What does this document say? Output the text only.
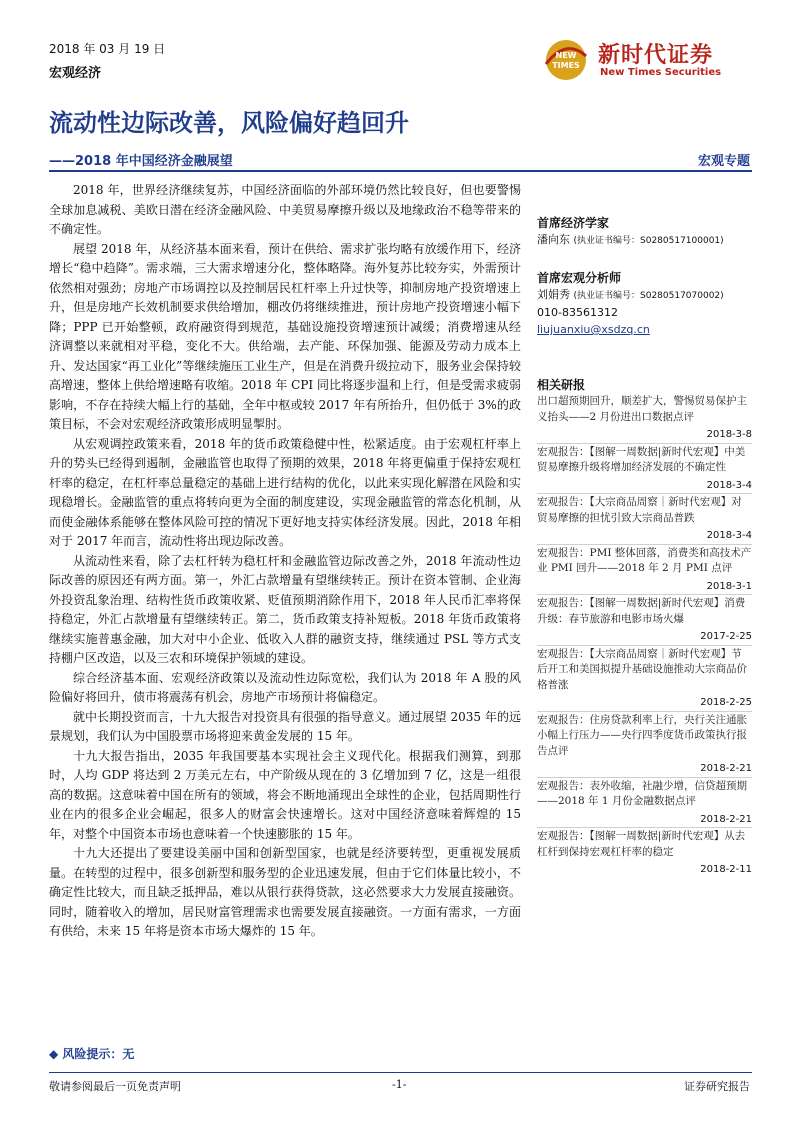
2018 年 03 月 19 日
宏观经济
NEW
TIMES 新时代证券
New Times Securities
流动性边际改善，风险偏好趋回升
——2018 年中国经济金融展望	宏观专题

2018 年，世界经济继续复苏，中国经济面临的外部环境仍然比较良好，但也要警惕全球加息减税、美欧日潜在经济金融风险、中美贸易摩擦升级以及地缘政治不稳等带来的不确定性。

展望 2018 年，从经济基本面来看，预计在供给、需求扩张均略有放缓作用下，经济增长“稳中趋降”。需求端，三大需求增速分化，整体略降。海外复苏比较夯实，外需预计依然相对强劲；房地产市场调控以及控制居民杠杆率上升过快等，抑制房地产投资增速上升，但是房地产长效机制要求供给增加，棚改仍将继续推进，预计房地产投资增速小幅下降；PPP 已开始整顿，政府融资得到规范，基础设施投资增速预计减缓；消费增速从经济调整以来就相对平稳，变化不大。供给端，去产能、环保加强、能源及劳动力成本上升、发达国家“再工业化”等继续施压工业生产，但是在消费升级拉动下，服务业会保持较高增速，整体上供给增速略有收缩。2018 年 CPI 同比将逐步温和上行，但是受需求疲弱影响，不存在持续大幅上行的基础，全年中枢或较 2017 年有所抬升，但仍低于 3%的政策目标，不会对宏观经济政策形成明显掣肘。

从宏观调控政策来看，2018 年的货币政策稳健中性，松紧适度。由于宏观杠杆率上升的势头已经得到遏制，金融监管也取得了预期的效果，2018 年将更偏重于保持宏观杠杆率的稳定，在杠杆率总量稳定的基础上进行结构的优化，以此来实现化解潜在风险和实现稳增长。金融监管的重点将转向更为全面的制度建设，实现金融监管的常态化机制，从而使金融体系能够在整体风险可控的情况下更好地支持实体经济发展。因此，2018 年相对于 2017 年而言，流动性将出现边际改善。

从流动性来看，除了去杠杆转为稳杠杆和金融监管边际改善之外，2018 年流动性边际改善的原因还有两方面。第一，外汇占款增量有望继续转正。预计在资本管制、企业海外投资乱象治理、结构性货币政策收紧、贬值预期消除作用下，2018 年人民币汇率将保持稳定，外汇占款增量有望继续转正。第二，货币政策支持补短板。2018 年货币政策将继续实施普惠金融，加大对中小企业、低收入人群的融资支持，继续通过 PSL 等方式支持棚户区改造，以及三农和环境保护领域的建设。

综合经济基本面、宏观经济政策以及流动性边际宽松，我们认为 2018 年 A 股的风险偏好将回升，债市将震荡有机会，房地产市场预计将偏稳定。

就中长期投资而言，十九大报告对投资具有很强的指导意义。通过展望 2035 年的远景规划，我们认为中国股票市场将迎来黄金发展的 15 年。

十九大报告指出，2035 年我国要基本实现社会主义现代化。根据我们测算，到那时，人均 GDP 将达到 2 万美元左右，中产阶级从现在的 3 亿增加到 7 亿，这是一组很高的数据。这意味着中国在所有的领域，将会不断地涌现出全球性的企业，包括周期性行业在内的很多企业会崛起，很多人的财富会快速增长。这对中国经济意味着辉煌的 15 年，对整个中国资本市场也意味着一个快速膨胀的 15 年。

十九大还提出了要建设美丽中国和创新型国家，也就是经济要转型，更重视发展质量。在转型的过程中，很多创新型和服务型的企业迅速发展，但由于它们体量比较小，不确定性比较大，而且缺乏抵押品，难以从银行获得贷款，这必然要求大力发展直接融资。同时，随着收入的增加，居民财富管理需求也需要发展直接融资。一方面有需求，一方面有供给，未来 15 年将是资本市场大爆炸的 15 年。

◆ 风险提示：无
首席经济学家
潘向东 (执业证书编号：S0280517100001)
首席宏观分析师
刘娟秀 (执业证书编号：S0280517070002)
010-83561312
liujuanxiu@xsdzq.cn
相关研报
出口超预期回升，顺差扩大，警惕贸易保护主义抬头——2 月份进出口数据点评
2018-3-8
宏观报告：【图解一周数据|新时代宏观】中美贸易摩擦升级将增加经济发展的不确定性
2018-3-4
宏观报告：【大宗商品周察｜新时代宏观】对贸易摩擦的担忧引致大宗商品普跌
2018-3-4
宏观报告：PMI 整体回落，消费类和高技术产业 PMI 回升——2018 年 2 月 PMI 点评
2018-3-1
宏观报告：【图解一周数据|新时代宏观】消费升级：春节旅游和电影市场火爆
2017-2-25
宏观报告：【大宗商品周察｜新时代宏观】节后开工和美国拟提升基础设施推动大宗商品价格普涨
2018-2-25
宏观报告：住房贷款利率上行，央行关注通胀小幅上行压力——央行四季度货币政策执行报告点评
2018-2-21
宏观报告：表外收缩，社融少增，信贷超预期——2018 年 1 月份金融数据点评
2018-2-21
宏观报告：【图解一周数据|新时代宏观】从去杠杆到保持宏观杠杆率的稳定
2018-2-11
敬请参阅最后一页免责声明	-1-	证券研究报告
